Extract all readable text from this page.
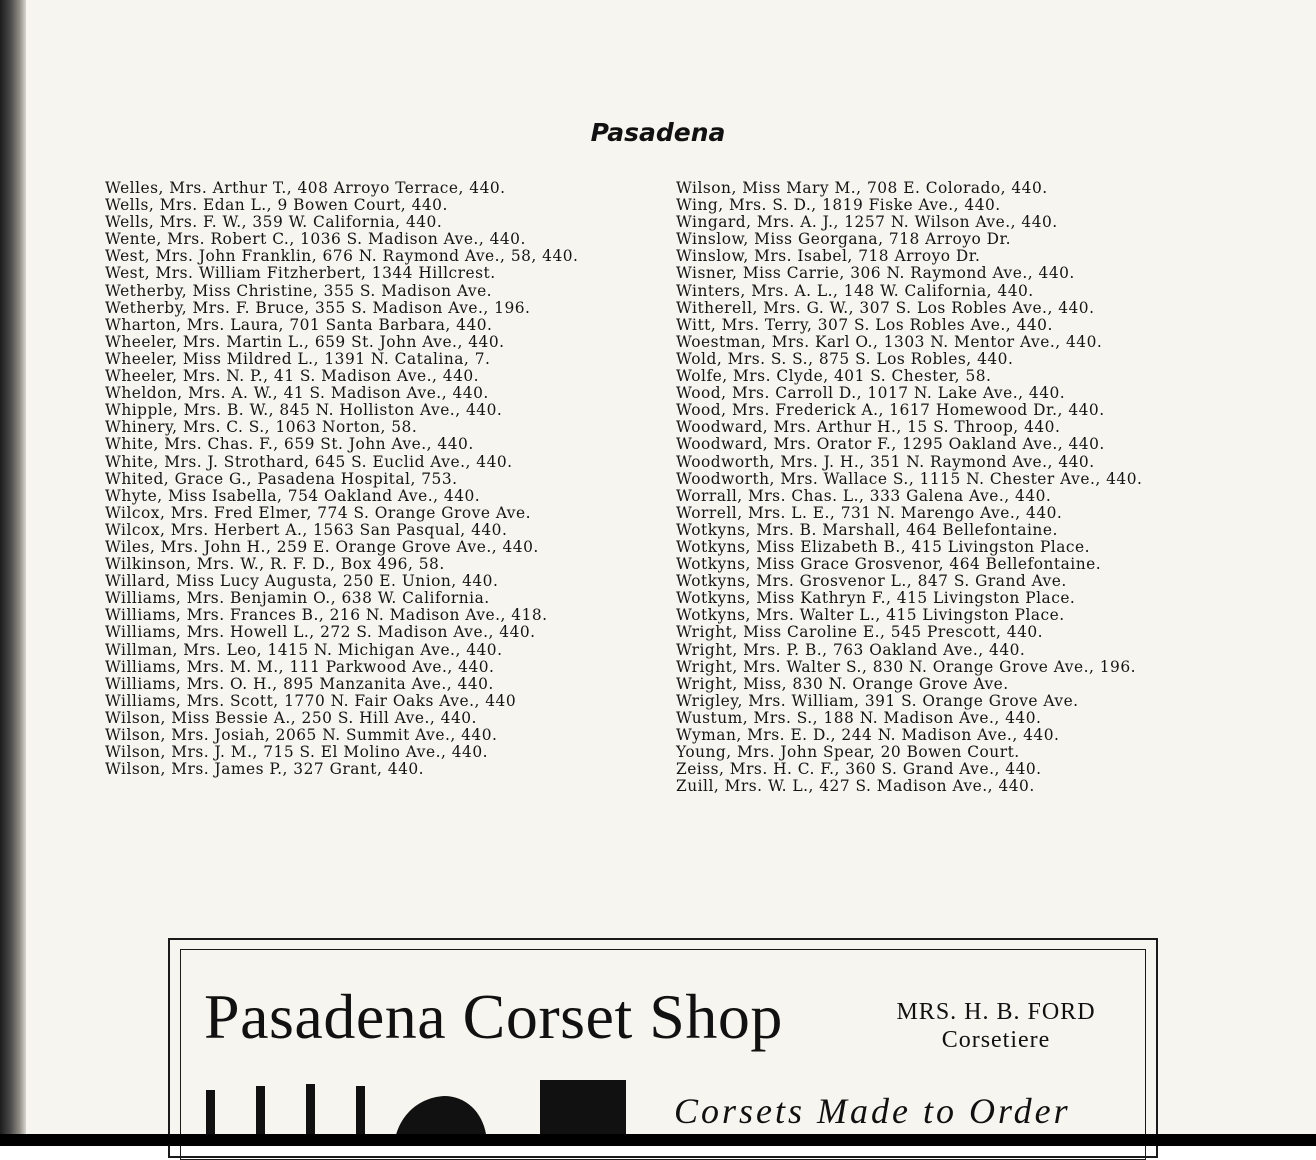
Pasadena
Welles, Mrs. Arthur T., 408 Arroyo Terrace, 440.
Wells, Mrs. Edan L., 9 Bowen Court, 440.
Wells, Mrs. F. W., 359 W. California, 440.
Wente, Mrs. Robert C., 1036 S. Madison Ave., 440.
West, Mrs. John Franklin, 676 N. Raymond Ave., 58, 440.
West, Mrs. William Fitzherbert, 1344 Hillcrest.
Wetherby, Miss Christine, 355 S. Madison Ave.
Wetherby, Mrs. F. Bruce, 355 S. Madison Ave., 196.
Wharton, Mrs. Laura, 701 Santa Barbara, 440.
Wheeler, Mrs. Martin L., 659 St. John Ave., 440.
Wheeler, Miss Mildred L., 1391 N. Catalina, 7.
Wheeler, Mrs. N. P., 41 S. Madison Ave., 440.
Wheldon, Mrs. A. W., 41 S. Madison Ave., 440.
Whipple, Mrs. B. W., 845 N. Holliston Ave., 440.
Whinery, Mrs. C. S., 1063 Norton, 58.
White, Mrs. Chas. F., 659 St. John Ave., 440.
White, Mrs. J. Strothard, 645 S. Euclid Ave., 440.
Whited, Grace G., Pasadena Hospital, 753.
Whyte, Miss Isabella, 754 Oakland Ave., 440.
Wilcox, Mrs. Fred Elmer, 774 S. Orange Grove Ave.
Wilcox, Mrs. Herbert A., 1563 San Pasqual, 440.
Wiles, Mrs. John H., 259 E. Orange Grove Ave., 440.
Wilkinson, Mrs. W., R. F. D., Box 496, 58.
Willard, Miss Lucy Augusta, 250 E. Union, 440.
Williams, Mrs. Benjamin O., 638 W. California.
Williams, Mrs. Frances B., 216 N. Madison Ave., 418.
Williams, Mrs. Howell L., 272 S. Madison Ave., 440.
Willman, Mrs. Leo, 1415 N. Michigan Ave., 440.
Williams, Mrs. M. M., 111 Parkwood Ave., 440.
Williams, Mrs. O. H., 895 Manzanita Ave., 440.
Williams, Mrs. Scott, 1770 N. Fair Oaks Ave., 440
Wilson, Miss Bessie A., 250 S. Hill Ave., 440.
Wilson, Mrs. Josiah, 2065 N. Summit Ave., 440.
Wilson, Mrs. J. M., 715 S. El Molino Ave., 440.
Wilson, Mrs. James P., 327 Grant, 440.
Wilson, Miss Mary M., 708 E. Colorado, 440.
Wing, Mrs. S. D., 1819 Fiske Ave., 440.
Wingard, Mrs. A. J., 1257 N. Wilson Ave., 440.
Winslow, Miss Georgana, 718 Arroyo Dr.
Winslow, Mrs. Isabel, 718 Arroyo Dr.
Wisner, Miss Carrie, 306 N. Raymond Ave., 440.
Winters, Mrs. A. L., 148 W. California, 440.
Witherell, Mrs. G. W., 307 S. Los Robles Ave., 440.
Witt, Mrs. Terry, 307 S. Los Robles Ave., 440.
Woestman, Mrs. Karl O., 1303 N. Mentor Ave., 440.
Wold, Mrs. S. S., 875 S. Los Robles, 440.
Wolfe, Mrs. Clyde, 401 S. Chester, 58.
Wood, Mrs. Carroll D., 1017 N. Lake Ave., 440.
Wood, Mrs. Frederick A., 1617 Homewood Dr., 440.
Woodward, Mrs. Arthur H., 15 S. Throop, 440.
Woodward, Mrs. Orator F., 1295 Oakland Ave., 440.
Woodworth, Mrs. J. H., 351 N. Raymond Ave., 440.
Woodworth, Mrs. Wallace S., 1115 N. Chester Ave., 440.
Worrall, Mrs. Chas. L., 333 Galena Ave., 440.
Worrell, Mrs. L. E., 731 N. Marengo Ave., 440.
Wotkyns, Mrs. B. Marshall, 464 Bellefontaine.
Wotkyns, Miss Elizabeth B., 415 Livingston Place.
Wotkyns, Miss Grace Grosvenor, 464 Bellefontaine.
Wotkyns, Mrs. Grosvenor L., 847 S. Grand Ave.
Wotkyns, Miss Kathryn F., 415 Livingston Place.
Wotkyns, Mrs. Walter L., 415 Livingston Place.
Wright, Miss Caroline E., 545 Prescott, 440.
Wright, Mrs. P. B., 763 Oakland Ave., 440.
Wright, Mrs. Walter S., 830 N. Orange Grove Ave., 196.
Wright, Miss, 830 N. Orange Grove Ave.
Wrigley, Mrs. William, 391 S. Orange Grove Ave.
Wustum, Mrs. S., 188 N. Madison Ave., 440.
Wyman, Mrs. E. D., 244 N. Madison Ave., 440.
Young, Mrs. John Spear, 20 Bowen Court.
Zeiss, Mrs. H. C. F., 360 S. Grand Ave., 440.
Zuill, Mrs. W. L., 427 S. Madison Ave., 440.
Pasadena Corset Shop	MRS. H. B. FORD
Corsetiere
Corsets Made to Order
